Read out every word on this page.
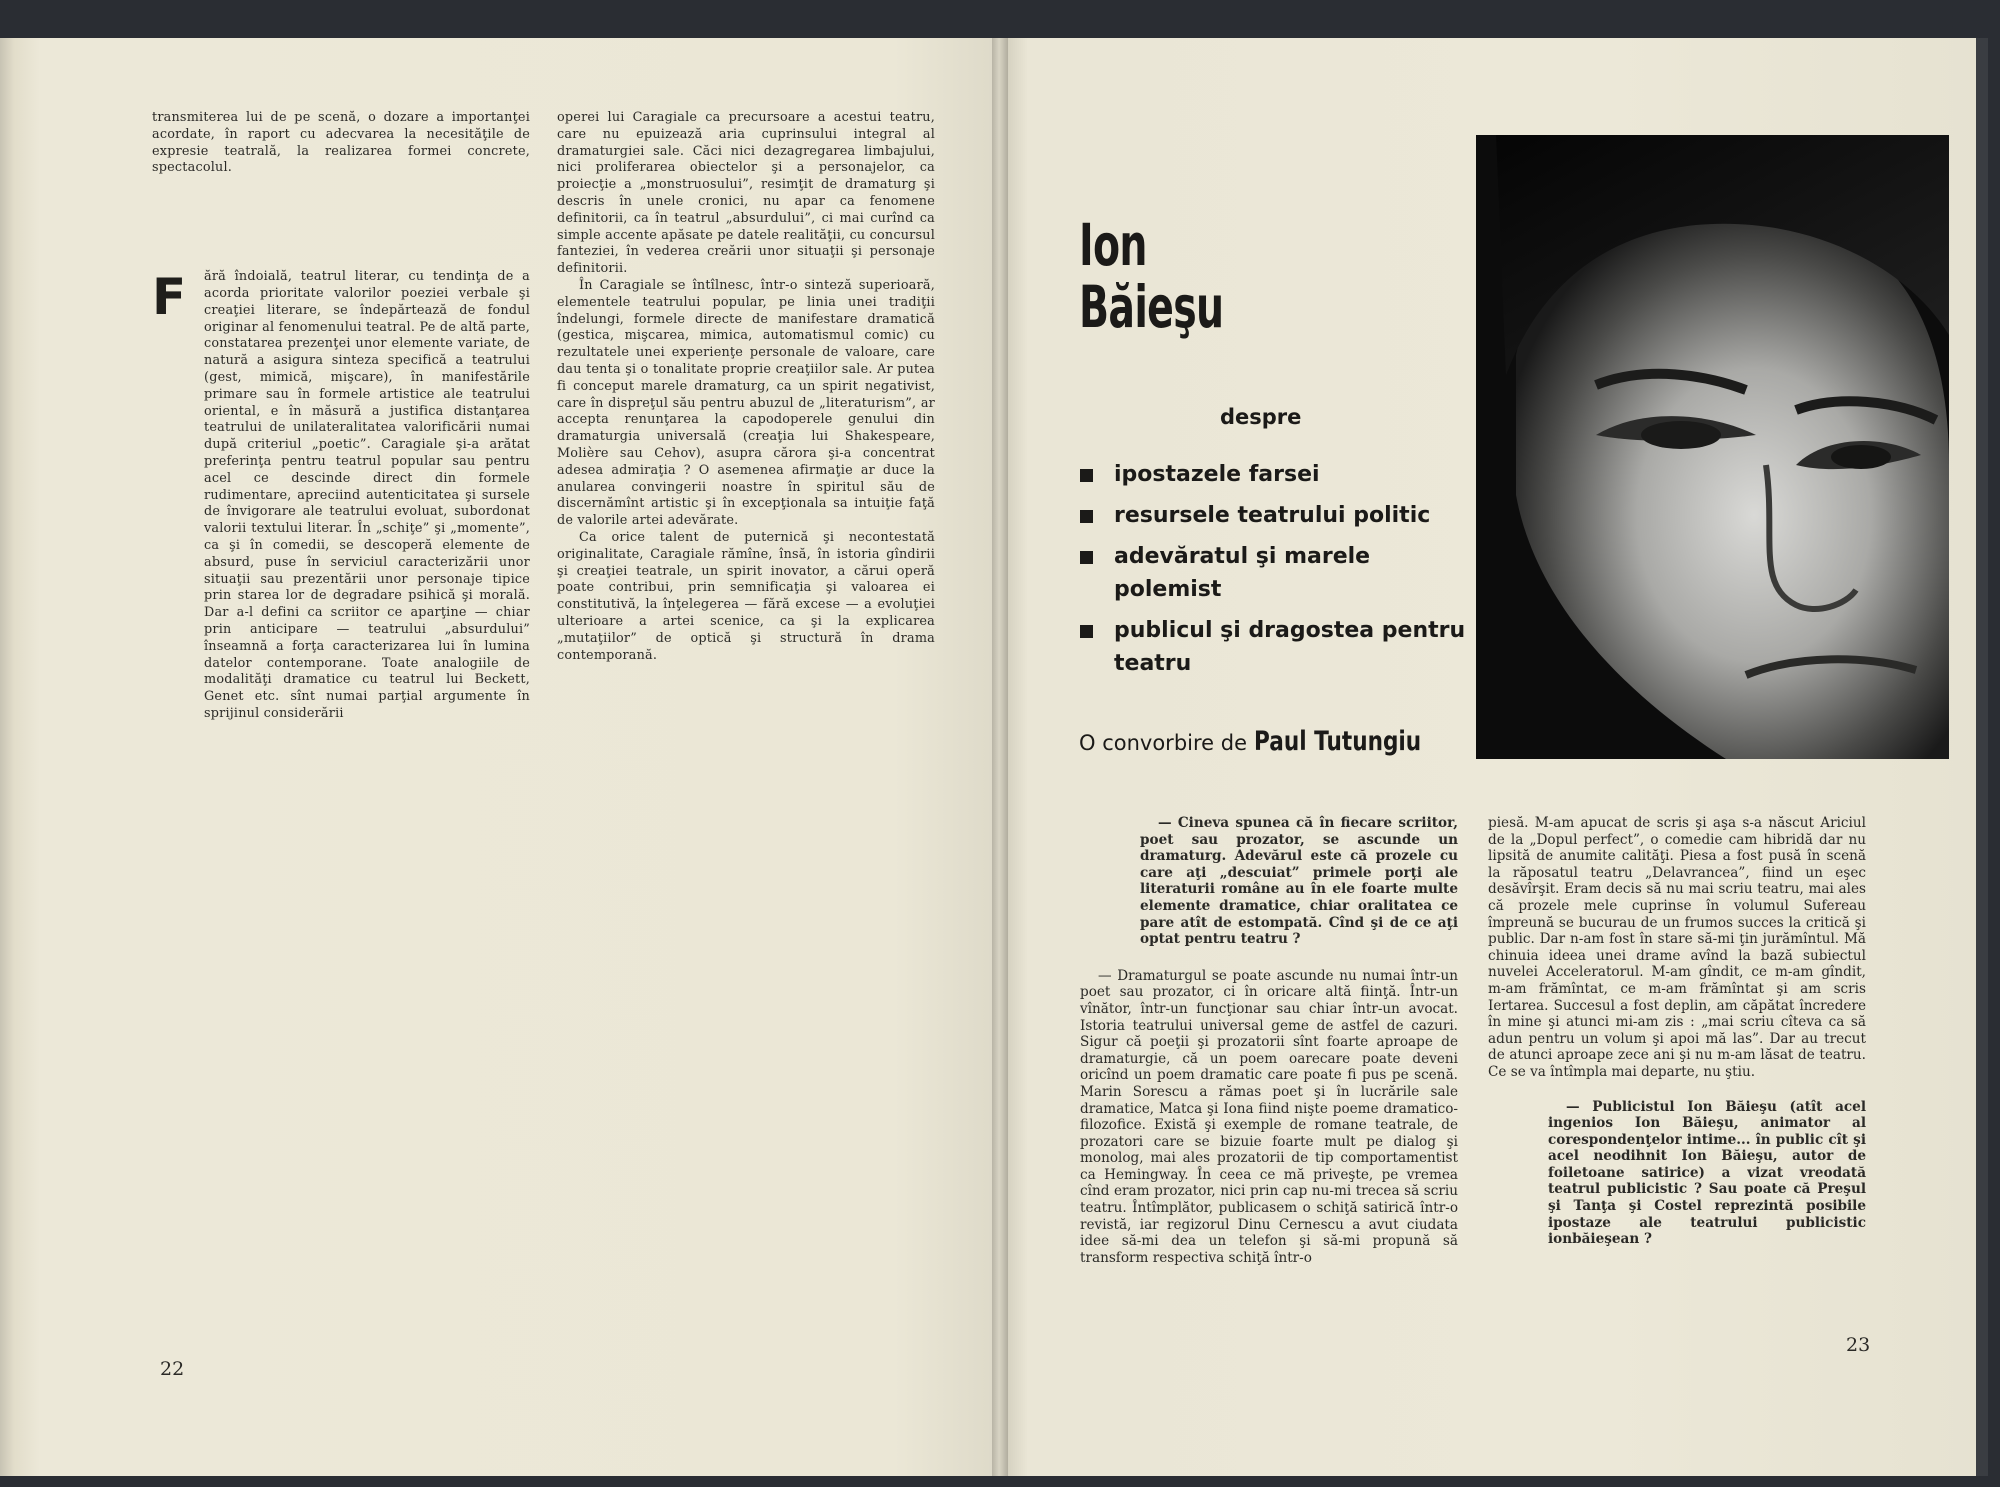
transmiterea lui de pe scenă, o dozare a importanţei acordate, în raport cu adecvarea la necesităţile de expresie teatrală, la realizarea formei concrete, spectacolul.

F ără îndoială, teatrul literar, cu tendinţa de a acorda prioritate valorilor poeziei verbale şi creaţiei literare, se îndepărtează de fondul originar al fenomenului teatral. Pe de altă parte, constatarea prezenţei unor elemente variate, de natură a asigura sinteza specifică a teatrului (gest, mimică, mişcare), în manifestările primare sau în formele artistice ale teatrului oriental, e în măsură a justifica distanţarea teatrului de unilateralitatea valorificării numai după criteriul „poetic”. Caragiale şi-a arătat preferinţa pentru teatrul popular sau pentru acel ce descinde direct din formele rudimentare, apreciind autenticitatea şi sursele de învigorare ale teatrului evoluat, subordonat valorii textului literar. În „schiţe” şi „momente”, ca şi în comedii, se descoperă elemente de absurd, puse în serviciul caracterizării unor situaţii sau prezentării unor personaje tipice prin starea lor de degradare psihică şi morală. Dar a-l defini ca scriitor ce aparţine — chiar prin anticipare — teatrului „absurdului” înseamnă a forţa caracterizarea lui în lumina datelor contemporane. Toate analogiile de modalităţi dramatice cu teatrul lui Beckett, Genet etc. sînt numai parţial argumente în sprijinul considerării

operei lui Caragiale ca precursoare a acestui teatru, care nu epuizează aria cuprinsului integral al dramaturgiei sale. Căci nici dezagregarea limbajului, nici proliferarea obiectelor şi a personajelor, ca proiecţie a „monstruosului”, resimţit de dramaturg şi descris în unele cronici, nu apar ca fenomene definitorii, ca în teatrul „absurdului”, ci mai curînd ca simple accente apăsate pe datele realităţii, cu concursul fanteziei, în vederea creării unor situaţii şi personaje definitorii.

În Caragiale se întîlnesc, într-o sinteză superioară, elementele teatrului popular, pe linia unei tradiţii îndelungi, formele directe de manifestare dramatică (gestica, mişcarea, mimica, automatismul comic) cu rezultatele unei experienţe personale de valoare, care dau tenta şi o tonalitate proprie creaţiilor sale. Ar putea fi conceput marele dramaturg, ca un spirit negativist, care în dispreţul său pentru abuzul de „literaturism”, ar accepta renunţarea la capodoperele genului din dramaturgia universală (creaţia lui Shakespeare, Molière sau Cehov), asupra cărora şi-a concentrat adesea admiraţia ? O asemenea afirmaţie ar duce la anularea convingerii noastre în spiritul său de discernămînt artistic şi în excepţionala sa intuiţie faţă de valorile artei adevărate.

Ca orice talent de puternică şi necontestată originalitate, Caragiale rămîne, însă, în istoria gîndirii şi creaţiei teatrale, un spirit inovator, a cărui operă poate contribui, prin semnificaţia şi valoarea ei constitutivă, la înţelegerea — fără excese — a evoluţiei ulterioare a artei scenice, ca şi la explicarea „mutaţiilor” de optică şi structură în drama contemporană.

22
Ion
Băieşu
despre
ipostazele farsei
resursele teatrului politic
adevăratul şi marele polemist
publicul şi dragostea pentru teatru
O convorbire de Paul Tutungiu

— Cineva spunea că în fiecare scriitor, poet sau prozator, se ascunde un dramaturg. Adevărul este că prozele cu care aţi „descuiat” primele porţi ale literaturii române au în ele foarte multe elemente dramatice, chiar oralitatea ce pare atît de estompată. Cînd şi de ce aţi optat pentru teatru ?

— Dramaturgul se poate ascunde nu numai într-un poet sau prozator, ci în oricare altă fiinţă. Într-un vînător, într-un funcţionar sau chiar într-un avocat. Istoria teatrului universal geme de astfel de cazuri. Sigur că poeţii şi prozatorii sînt foarte aproape de dramaturgie, că un poem oarecare poate deveni oricînd un poem dramatic care poate fi pus pe scenă. Marin Sorescu a rămas poet şi în lucrările sale dramatice, Matca şi Iona fiind nişte poeme dramatico-filozofice. Există şi exemple de romane teatrale, de prozatori care se bizuie foarte mult pe dialog şi monolog, mai ales prozatorii de tip comportamentist ca Hemingway. În ceea ce mă priveşte, pe vremea cînd eram prozator, nici prin cap nu-mi trecea să scriu teatru. Întîmplător, publicasem o schiţă satirică într-o revistă, iar regizorul Dinu Cernescu a avut ciudata idee să-mi dea un telefon şi să-mi propună să transform respectiva schiţă într-o

piesă. M-am apucat de scris şi aşa s-a născut Ariciul de la „Dopul perfect”, o comedie cam hibridă dar nu lipsită de anumite calităţi. Piesa a fost pusă în scenă la răposatul teatru „Delavrancea”, fiind un eşec desăvîrşit. Eram decis să nu mai scriu teatru, mai ales că prozele mele cuprinse în volumul Sufereau împreună se bucurau de un frumos succes la critică şi public. Dar n-am fost în stare să-mi ţin jurămîntul. Mă chinuia ideea unei drame avînd la bază subiectul nuvelei Acceleratorul. M-am gîndit, ce m-am gîndit, m-am frămîntat, ce m-am frămîntat şi am scris Iertarea. Succesul a fost deplin, am căpătat încredere în mine şi atunci mi-am zis : „mai scriu cîteva ca să adun pentru un volum şi apoi mă las”. Dar au trecut de atunci aproape zece ani şi nu m-am lăsat de teatru. Ce se va întîmpla mai departe, nu ştiu.

— Publicistul Ion Băieşu (atît acel ingenios Ion Băieşu, animator al corespondenţelor intime... în public cît şi acel neodihnit Ion Băieşu, autor de foiletoane satirice) a vizat vreodată teatrul publicistic ? Sau poate că Preşul şi Tanţa şi Costel reprezintă posibile ipostaze ale teatrului publicistic ionbăieşean ?

23
